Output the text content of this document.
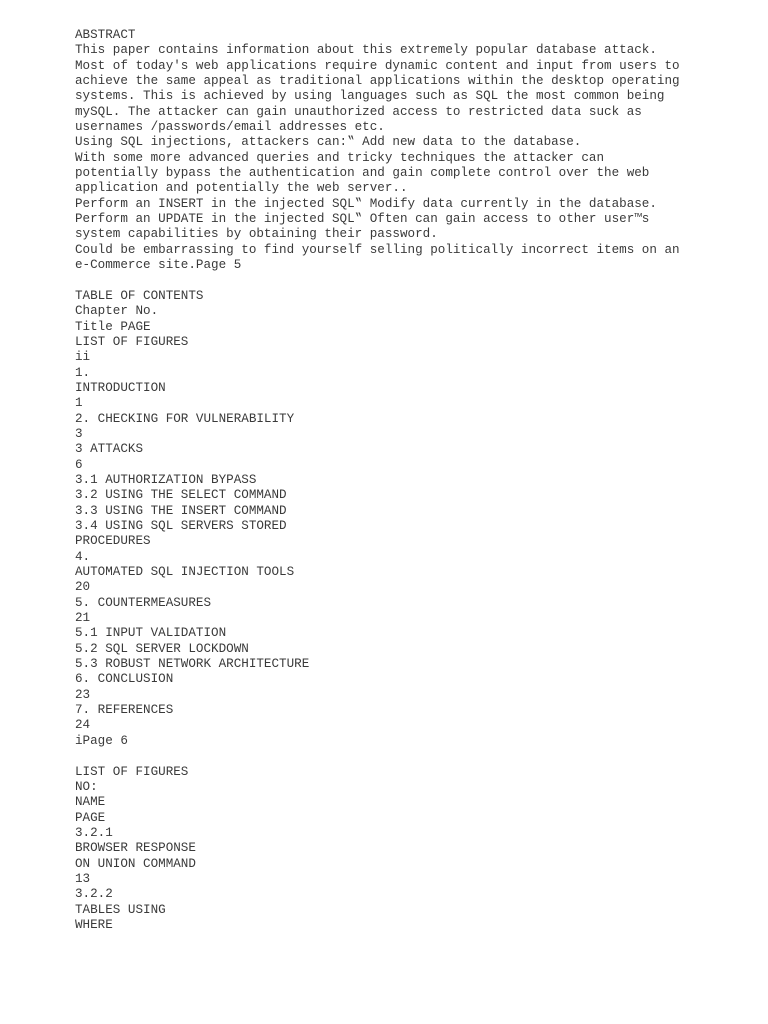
ABSTRACT
This paper contains information about this extremely popular database attack.
Most of today's web applications require dynamic content and input from users to
achieve the same appeal as traditional applications within the desktop operating
systems. This is achieved by using languages such as SQL the most common being
mySQL. The attacker can gain unauthorized access to restricted data suck as
usernames /passwords/email addresses etc.
Using SQL injections, attackers can:‟ Add new data to the database.
With some more advanced queries and tricky techniques the attacker can
potentially bypass the authentication and gain complete control over the web
application and potentially the web server..
Perform an INSERT in the injected SQL‟ Modify data currently in the database.
Perform an UPDATE in the injected SQL‟ Often can gain access to other user™s
system capabilities by obtaining their password.
Could be embarrassing to find yourself selling politically incorrect items on an
e-Commerce site.Page 5
TABLE OF CONTENTS
Chapter No.
Title PAGE
LIST OF FIGURES
ii
1.
INTRODUCTION
1
2. CHECKING FOR VULNERABILITY
3
3 ATTACKS
6
3.1 AUTHORIZATION BYPASS
3.2 USING THE SELECT COMMAND
3.3 USING THE INSERT COMMAND
3.4 USING SQL SERVERS STORED
PROCEDURES
4.
AUTOMATED SQL INJECTION TOOLS
20
5. COUNTERMEASURES
21
5.1 INPUT VALIDATION
5.2 SQL SERVER LOCKDOWN
5.3 ROBUST NETWORK ARCHITECTURE
6. CONCLUSION
23
7. REFERENCES
24
iPage 6
LIST OF FIGURES
NO:
NAME
PAGE
3.2.1
BROWSER RESPONSE
ON UNION COMMAND
13
3.2.2
TABLES USING
WHERE
